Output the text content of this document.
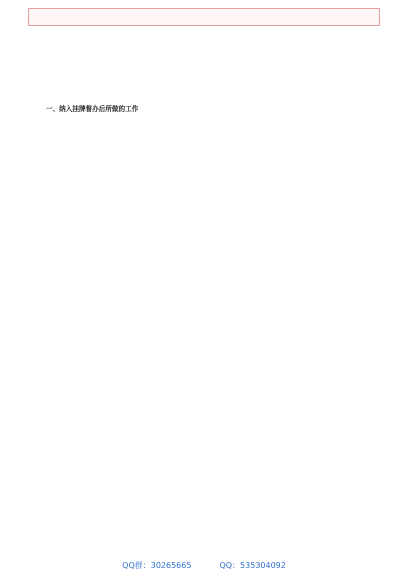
一、纳入挂牌督办后所做的工作

QQ群：30265665	QQ：535304092
